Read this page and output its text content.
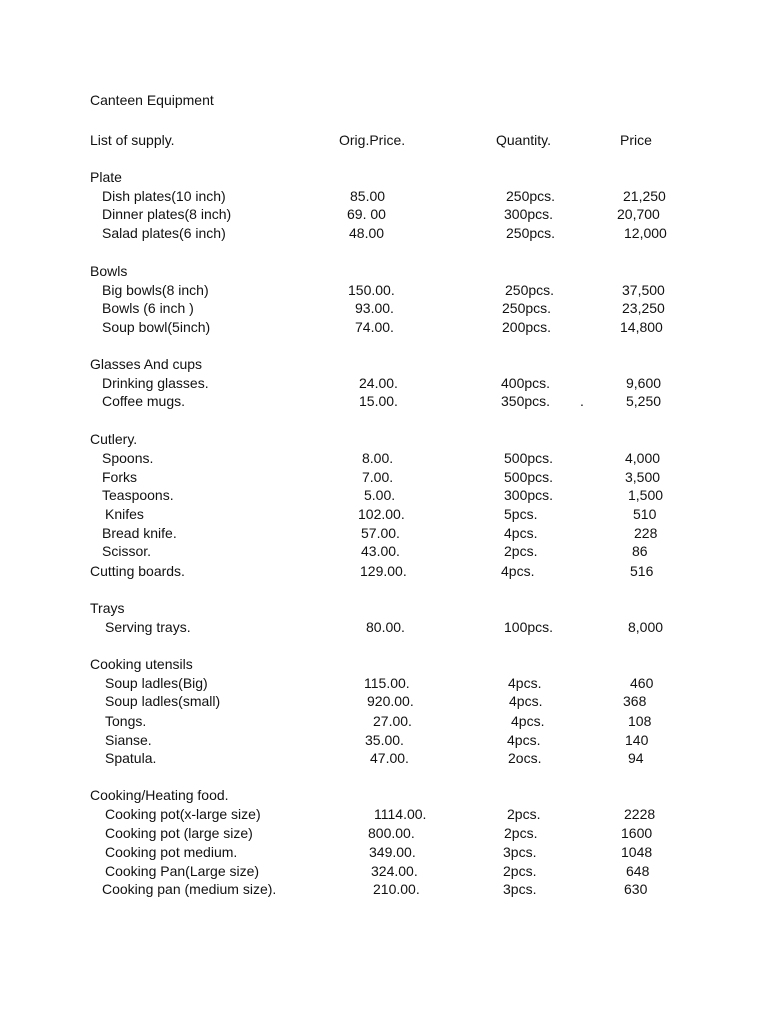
Canteen Equipment
List of supply.	Orig.Price.	Quantity.	Price
Plate
Dish plates(10 inch)	85.00	250pcs.	21,250
Dinner plates(8 inch)	69. 00	300pcs.	20,700
Salad plates(6 inch)	48.00	250pcs.	12,000
Bowls
Big bowls(8 inch)	150.00.	250pcs.	37,500
Bowls (6 inch )	93.00.	250pcs.	23,250
Soup bowl(5inch)	74.00.	200pcs.	14,800
Glasses And cups
Drinking glasses.	24.00.	400pcs.	9,600
Coffee mugs.	15.00.	350pcs. .	5,250
Cutlery.
Spoons.	8.00.	500pcs.	4,000
Forks	7.00.	500pcs.	3,500
Teaspoons.	5.00.	300pcs.	1,500
Knifes	102.00.	5pcs.	510
Bread knife.	57.00.	4pcs.	228
Scissor.	43.00.	2pcs.	86
Cutting boards.	129.00.	4pcs.	516
Trays
Serving trays.	80.00.	100pcs.	8,000
Cooking utensils
Soup ladles(Big)	115.00.	4pcs.	460
Soup ladles(small)	920.00.	4pcs.	368
Tongs.	27.00.	4pcs.	108
Sianse.	35.00.	4pcs.	140
Spatula.	47.00.	2ocs.	94
Cooking/Heating food.
Cooking pot(x-large size)	1114.00.	2pcs.	2228
Cooking pot (large size)	800.00.	2pcs.	1600
Cooking pot medium.	349.00.	3pcs.	1048
Cooking Pan(Large size)	324.00.	2pcs.	648
Cooking pan (medium size).	210.00.	3pcs.	630
